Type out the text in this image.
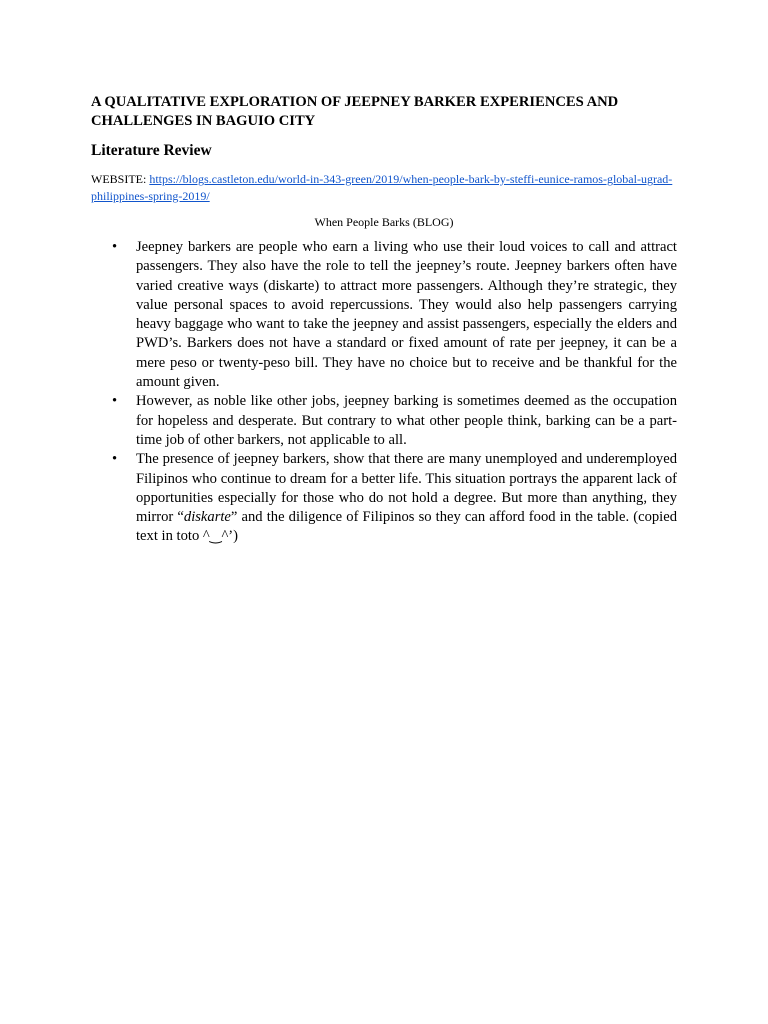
A QUALITATIVE EXPLORATION OF JEEPNEY BARKER EXPERIENCES AND CHALLENGES IN BAGUIO CITY
Literature Review

WEBSITE: https://blogs.castleton.edu/world-in-343-green/2019/when-people-bark-by-steffi-eunice-ramos-global-ugrad-philippines-spring-2019/

When People Barks (BLOG)

• Jeepney barkers are people who earn a living who use their loud voices to call and attract passengers. They also have the role to tell the jeepney’s route. Jeepney barkers often have varied creative ways (diskarte) to attract more passengers. Although they’re strategic, they value personal spaces to avoid repercussions. They would also help passengers carrying heavy baggage who want to take the jeepney and assist passengers, especially the elders and PWD’s. Barkers does not have a standard or fixed amount of rate per jeepney, it can be a mere peso or twenty-peso bill. They have no choice but to receive and be thankful for the amount given.
• However, as noble like other jobs, jeepney barking is sometimes deemed as the occupation for hopeless and desperate. But contrary to what other people think, barking can be a part-time job of other barkers, not applicable to all.
• The presence of jeepney barkers, show that there are many unemployed and underemployed Filipinos who continue to dream for a better life. This situation portrays the apparent lack of opportunities especially for those who do not hold a degree. But more than anything, they mirror “diskarte” and the diligence of Filipinos so they can afford food in the table. (copied text in toto ^‿^’)
